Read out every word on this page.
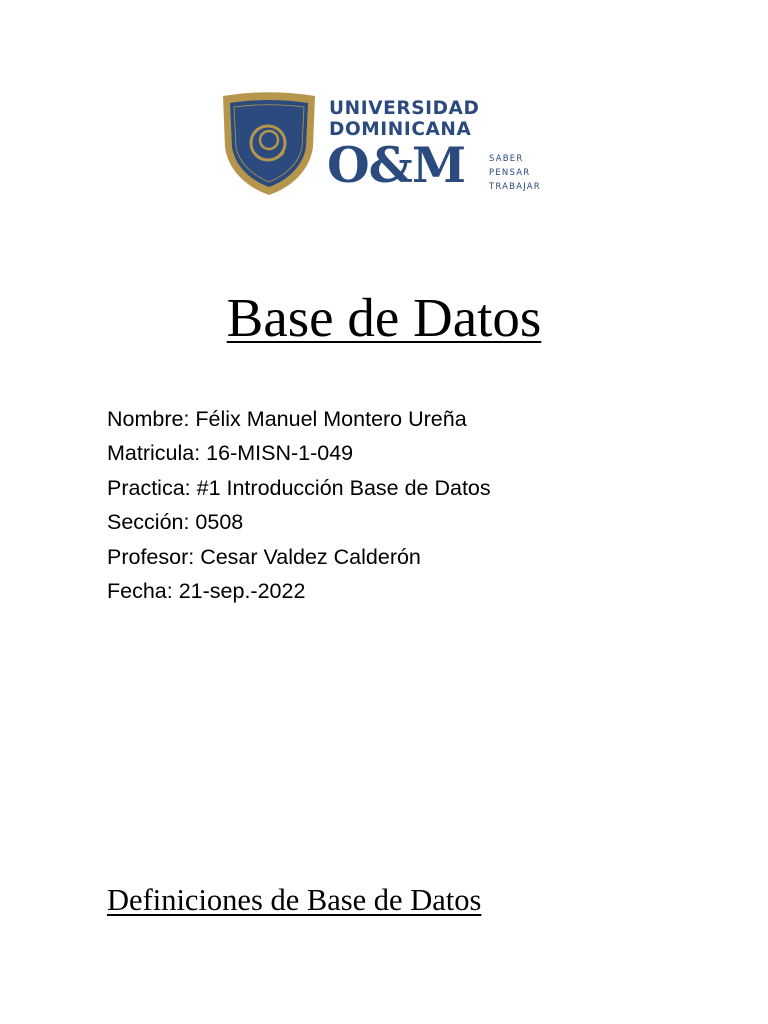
UNIVERSIDAD
DOMINICANA
O&M	SABER
PENSAR
TRABAJAR
Base de Datos
Nombre: Félix Manuel Montero Ureña
Matricula: 16-MISN-1-049
Practica: #1 Introducción Base de Datos
Sección: 0508
Profesor: Cesar Valdez Calderón
Fecha: 21-sep.-2022
Definiciones de Base de Datos
